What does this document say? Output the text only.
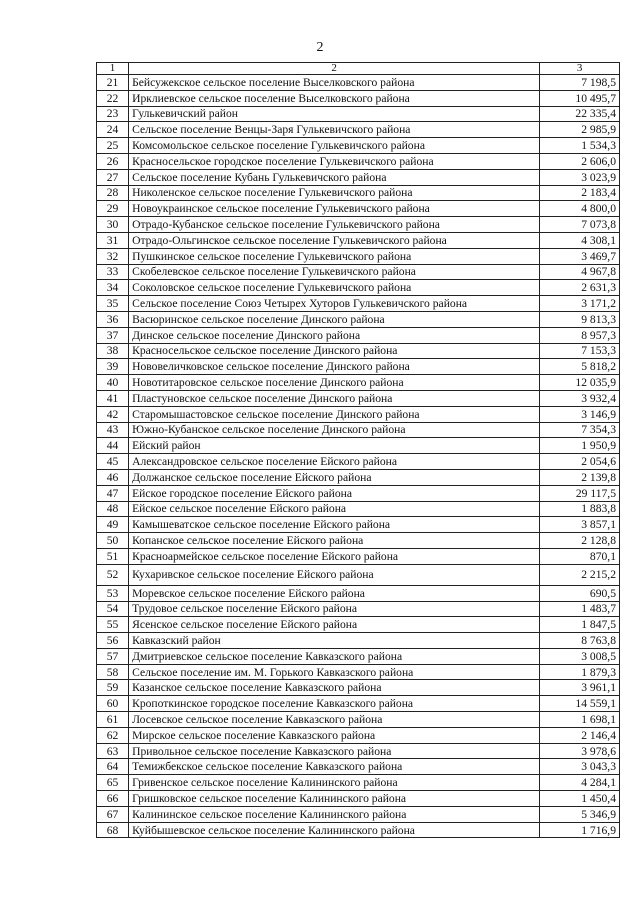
2
1	2	3
21	Бейсужекское сельское поселение Выселковского района	7 198,5
22	Ирклиевское сельское поселение Выселковского района	10 495,7
23	Гулькевичский район	22 335,4
24	Сельское поселение Венцы-Заря Гулькевичского района	2 985,9
25	Комсомольское сельское поселение Гулькевичского района	1 534,3
26	Красносельское городское поселение Гулькевичского района	2 606,0
27	Сельское поселение Кубань Гулькевичского района	3 023,9
28	Николенское сельское поселение Гулькевичского района	2 183,4
29	Новоукраинское сельское поселение Гулькевичского района	4 800,0
30	Отрадо-Кубанское сельское поселение Гулькевичского района	7 073,8
31	Отрадо-Ольгинское сельское поселение Гулькевичского района	4 308,1
32	Пушкинское сельское поселение Гулькевичского района	3 469,7
33	Скобелевское сельское поселение Гулькевичского района	4 967,8
34	Соколовское сельское поселение Гулькевичского района	2 631,3
35	Сельское поселение Союз Четырех Хуторов Гулькевичского района	3 171,2
36	Васюринское сельское поселение Динского района	9 813,3
37	Динское сельское поселение Динского района	8 957,3
38	Красносельское сельское поселение Динского района	7 153,3
39	Нововеличковское сельское поселение Динского района	5 818,2
40	Новотитаровское сельское поселение Динского района	12 035,9
41	Пластуновское сельское поселение Динского района	3 932,4
42	Старомышастовское сельское поселение Динского района	3 146,9
43	Южно-Кубанское сельское поселение Динского района	7 354,3
44	Ейский район	1 950,9
45	Александровское сельское поселение Ейского района	2 054,6
46	Должанское сельское поселение Ейского района	2 139,8
47	Ейское городское поселение Ейского района	29 117,5
48	Ейское сельское поселение Ейского района	1 883,8
49	Камышеватское сельское поселение Ейского района	3 857,1
50	Копанское сельское поселение Ейского района	2 128,8
51	Красноармейское сельское поселение Ейского района	870,1
52	Кухаривское сельское поселение Ейского района	2 215,2
53	Моревское сельское поселение Ейского района	690,5
54	Трудовое сельское поселение Ейского района	1 483,7
55	Ясенское сельское поселение Ейского района	1 847,5
56	Кавказский район	8 763,8
57	Дмитриевское сельское поселение Кавказского района	3 008,5
58	Сельское поселение им. М. Горького Кавказского района	1 879,3
59	Казанское сельское поселение Кавказского района	3 961,1
60	Кропоткинское городское поселение Кавказского района	14 559,1
61	Лосевское сельское поселение Кавказского района	1 698,1
62	Мирское сельское поселение Кавказского района	2 146,4
63	Привольное сельское поселение Кавказского района	3 978,6
64	Темижбекское сельское поселение Кавказского района	3 043,3
65	Гривенское сельское поселение Калининского района	4 284,1
66	Гришковское сельское поселение Калининского района	1 450,4
67	Калининское сельское поселение Калининского района	5 346,9
68	Куйбышевское сельское поселение Калининского района	1 716,9
